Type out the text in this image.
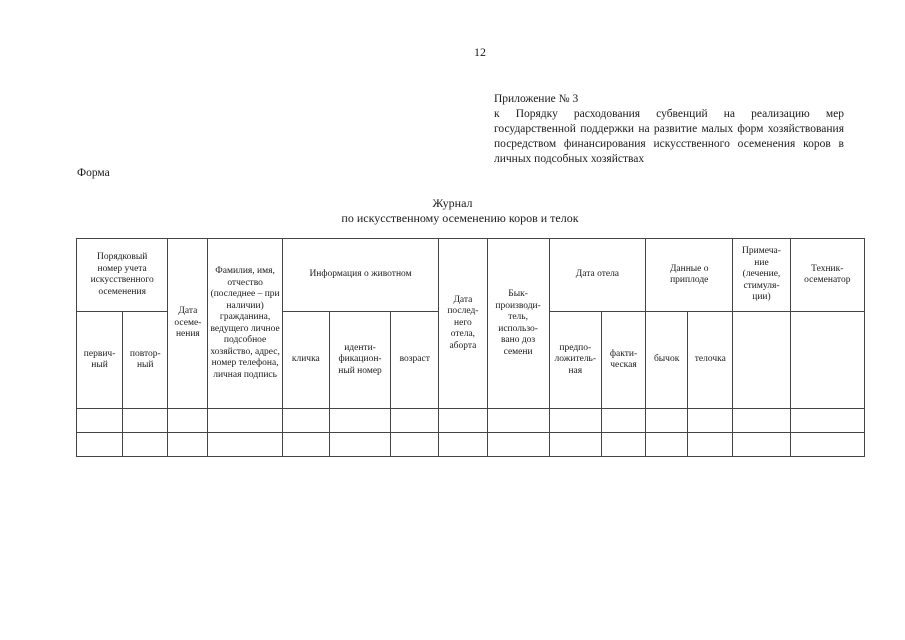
12
Приложение № 3
к Порядку расходования субвенций на реализацию мер государственной поддержки на развитие малых форм хозяйствования посредством финансирования искусственного осеменения коров в личных подсобных хозяйствах
Форма
Журнал
по искусственному осеменению коров и телок
Порядковый номер учета искусственного осеменения		Дата осеме- нения	Фамилия, имя, отчество (последнее – при наличии) гражданина, ведущего личное подсобное хозяйство, адрес, номер телефона, личная подпись	Информация о животном			Дата послед- него отела, аборта	Бык- производи- тель, использо- вано доз семени	Дата отела		Данные о приплоде		Примеча- ние (лечение, стимуля- ции)	Техник- осеменатор
первич- ный	повтор- ный			кличка	иденти- фикацион- ный номер	возраст			предпо- ложитель- ная	факти- ческая	бычок	телочка		
